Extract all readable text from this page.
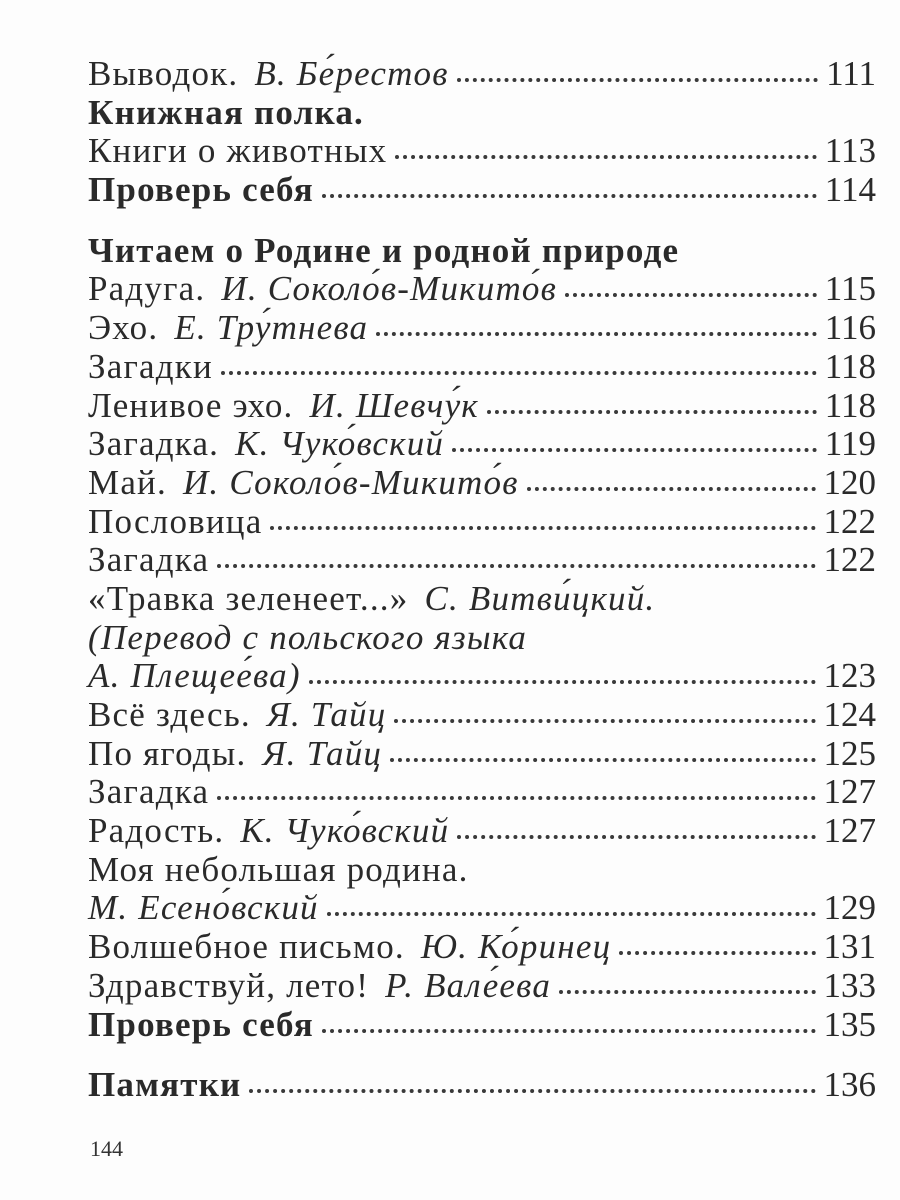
Выводок. В. Бе́рестов	111
Книжная полка.
Книги о животных	113
Проверь себя	114
Читаем о Родине и родной природе
Радуга. И. Соколо́в-Микито́в	115
Эхо. Е. Тру́тнева	116
Загадки	118
Ленивое эхо. И. Шевчу́к	118
Загадка. К. Чуко́вский	119
Май. И. Соколо́в-Микито́в	120
Пословица	122
Загадка	122
«Травка зеленеет...» С. Витви́цкий.
(Перевод с польского языка
А. Плещее́ва)	123
Всё здесь. Я. Тайц	124
По ягоды. Я. Тайц	125
Загадка	127
Радость. К. Чуко́вский	127
Моя небольшая родина.
М. Есено́вский	129
Волшебное письмо. Ю. Ко́ринец	131
Здравствуй, лето! Р. Вале́ева	133
Проверь себя	135
Памятки	136
144
